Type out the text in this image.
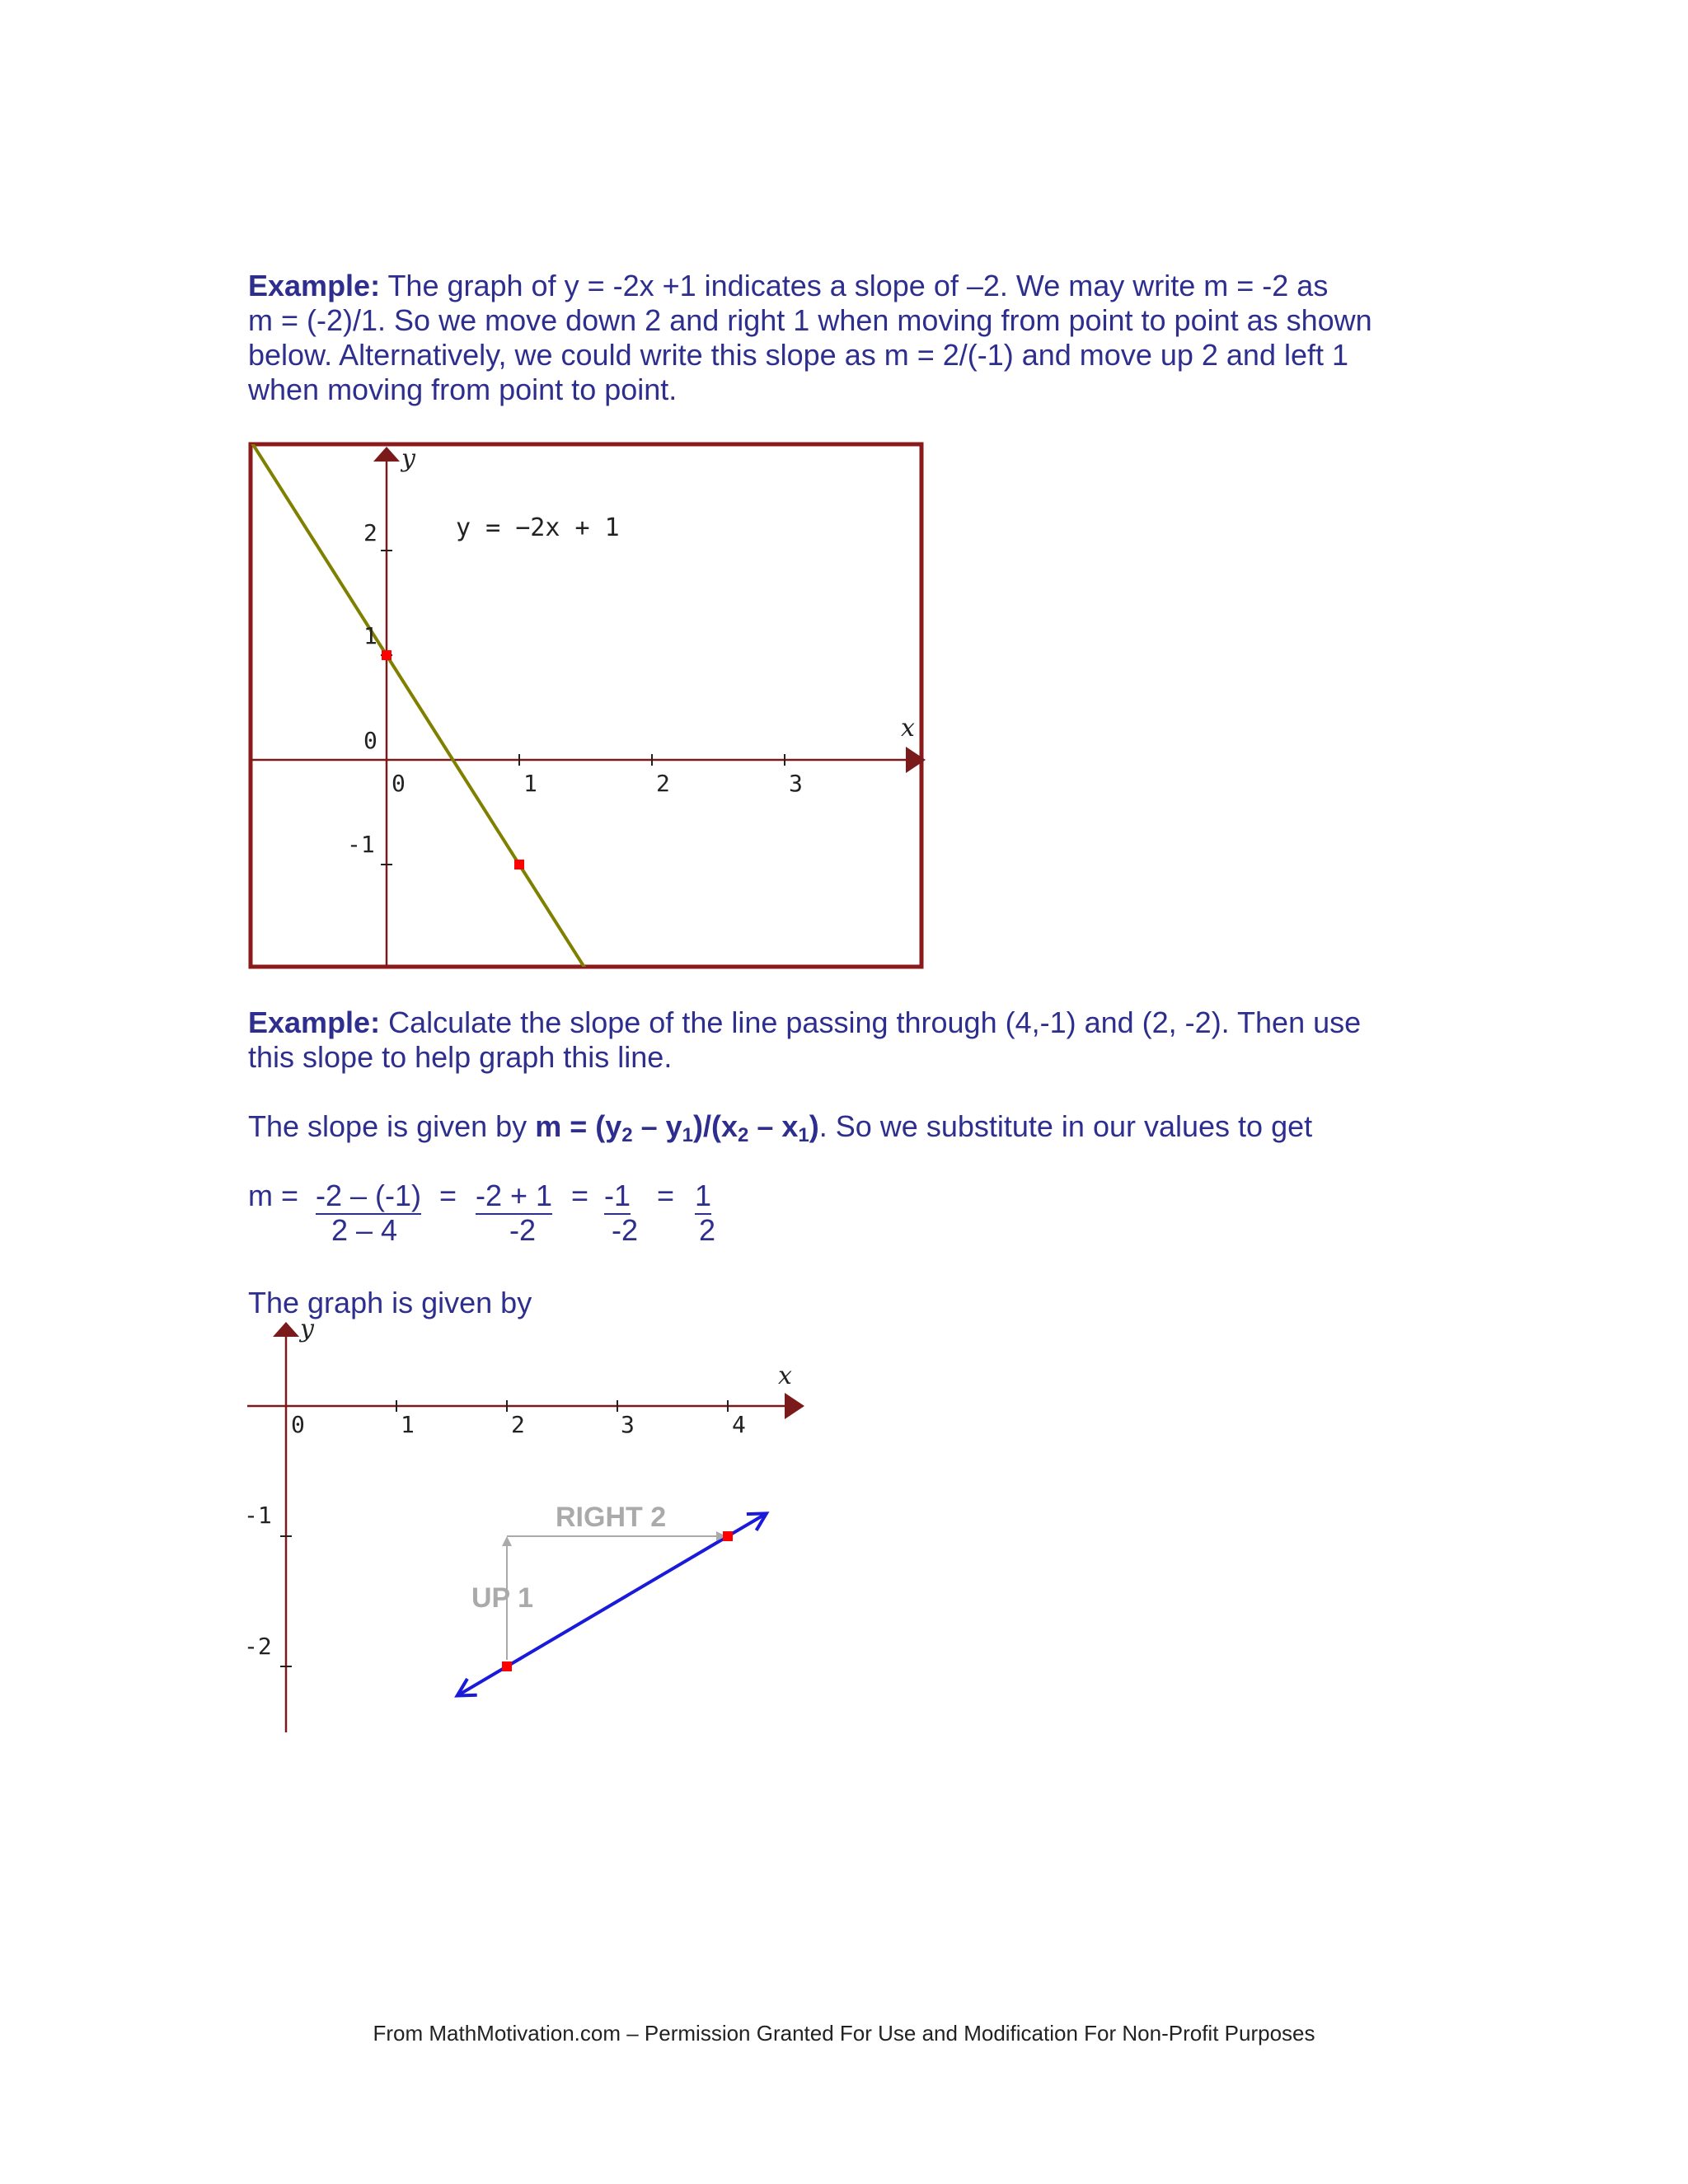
Example: The graph of y = -2x +1 indicates a slope of –2. We may write m = -2 as
m = (-2)/1. So we move down 2 and right 1 when moving from point to point as shown
below. Alternatively, we could write this slope as m = 2/(-1) and move up 2 and left 1
when moving from point to point.
y = −2x + 1
x
y
0	1	2	3
2
1
0
-1
Example: Calculate the slope of the line passing through (4,-1) and (2, -2). Then use
this slope to help graph this line.
The slope is given by $m = (y_2 - y_1)/(x_2 - x_1)$. So we substitute in our values to get
m = -2 – (-1)
2 – 4
= -2 + 1
-2
= -1
-2
= 1
2
The graph is given by
x
y
0	1	2	3	4
-1
-2
RIGHT 2
UP 1
From MathMotivation.com – Permission Granted For Use and Modification For Non-Profit Purposes
